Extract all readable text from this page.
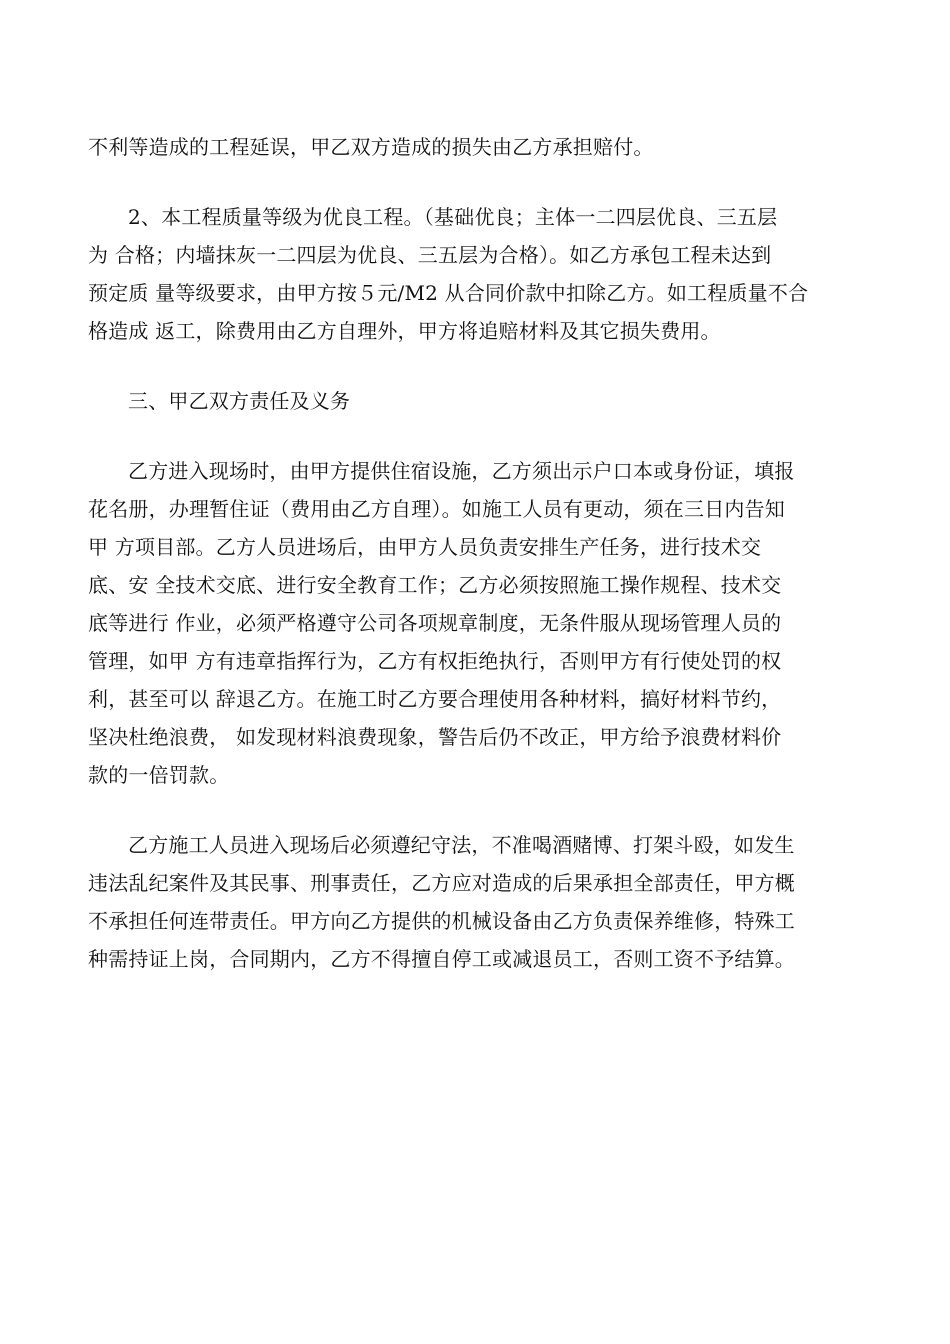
不利等造成的工程延误，甲乙双方造成的损失由乙方承担赔付。
2、本工程质量等级为优良工程。（基础优良；主体一二四层优良、三五层
为 合格；内墙抹灰一二四层为优良、三五层为合格）。如乙方承包工程未达到
预定质 量等级要求，由甲方按５元/M2 从合同价款中扣除乙方。如工程质量不合
格造成 返工，除费用由乙方自理外，甲方将追赔材料及其它损失费用。
三、甲乙双方责任及义务
乙方进入现场时，由甲方提供住宿设施，乙方须出示户口本或身份证，填报
花名册，办理暂住证（费用由乙方自理）。如施工人员有更动，须在三日内告知
甲 方项目部。乙方人员进场后，由甲方人员负责安排生产任务，进行技术交
底、安 全技术交底、进行安全教育工作；乙方必须按照施工操作规程、技术交
底等进行 作业，必须严格遵守公司各项规章制度，无条件服从现场管理人员的
管理，如甲 方有违章指挥行为，乙方有权拒绝执行，否则甲方有行使处罚的权
利，甚至可以 辞退乙方。在施工时乙方要合理使用各种材料，搞好材料节约，
坚决杜绝浪费， 如发现材料浪费现象，警告后仍不改正，甲方给予浪费材料价
款的一倍罚款。
乙方施工人员进入现场后必须遵纪守法，不准喝酒赌博、打架斗殴，如发生
违法乱纪案件及其民事、刑事责任，乙方应对造成的后果承担全部责任，甲方概
不承担任何连带责任。甲方向乙方提供的机械设备由乙方负责保养维修，特殊工
种需持证上岗，合同期内，乙方不得擅自停工或减退员工，否则工资不予结算。
